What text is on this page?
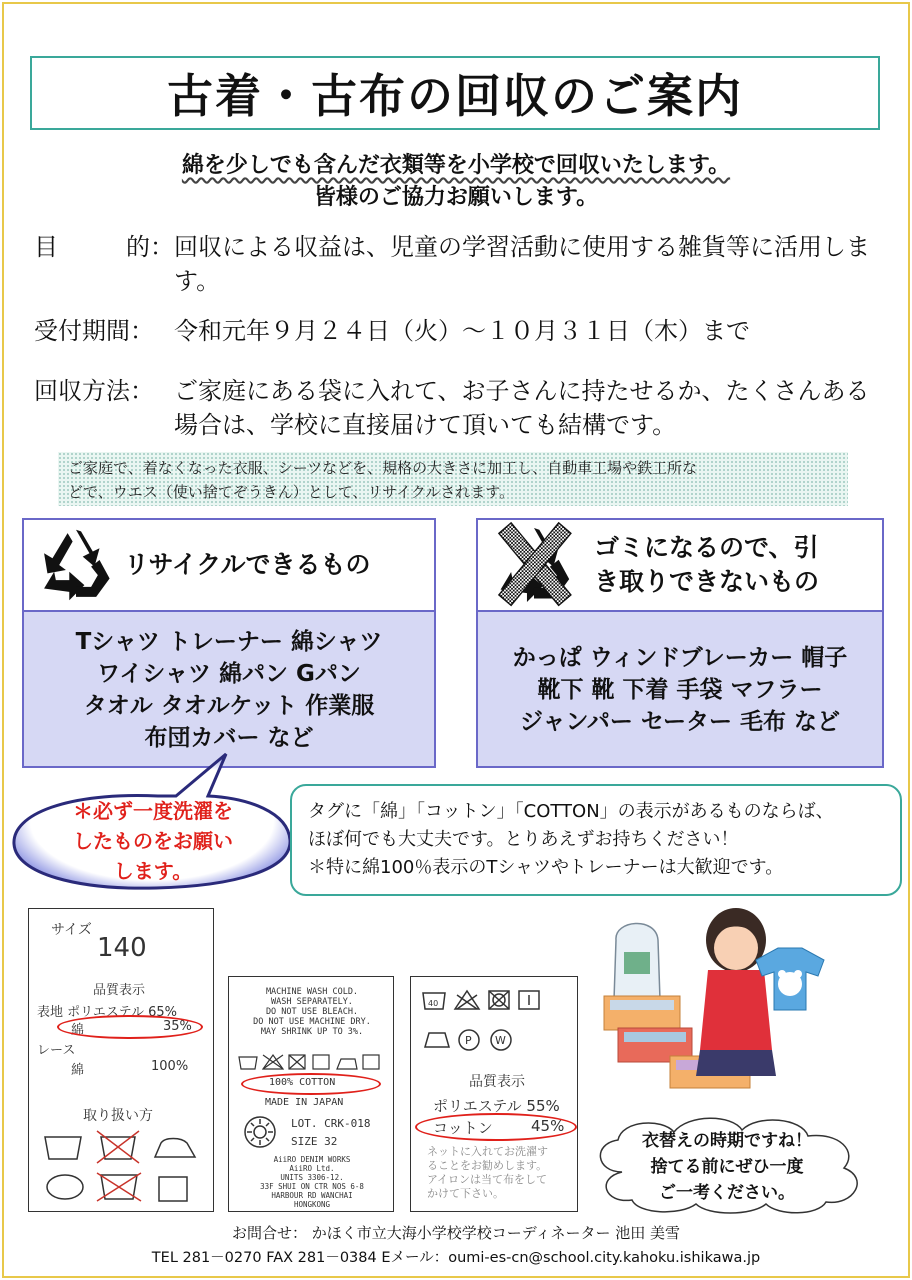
古着・古布の回収のご案内
綿を少しでも含んだ衣類等を小学校で回収いたします。
皆様のご協力お願いします。
目	的： 回収による収益は、児童の学習活動に使用する雑貨等に活用します。
受付期間： 令和元年９月２４日（火）～１０月３１日（木）まで
回収方法： ご家庭にある袋に入れて、お子さんに持たせるか、たくさんある場合は、学校に直接届けて頂いても結構です。
ご家庭で、着なくなった衣服、シーツなどを、規格の大きさに加工し、自動車工場や鉄工所な
どで、ウエス（使い捨てぞうきん）として、リサイクルされます。
リサイクルできるもの
Tシャツ トレーナー 綿シャツ
ワイシャツ 綿パン Gパン
タオル タオルケット 作業服
布団カバー など
ゴミになるので、引
き取りできないもの
かっぱ ウィンドブレーカー 帽子
靴下 靴 下着 手袋 マフラー
ジャンパー セーター 毛布 など
＊必ず一度洗濯を
したものをお願い
します。
タグに「綿」「コットン」「COTTON」の表示があるものならば、
ほぼ何でも大丈夫です。とりあえずお持ちください！
＊特に綿100％表示のTシャツやトレーナーは大歓迎です。
サイズ
140
品質表示
表地 ポリエステル 65%
綿	35%
レース
綿	100%
取り扱い方
MACHINE WASH COLD.
WASH SEPARATELY.
DO NOT USE BLEACH.
DO NOT USE MACHINE DRY.
MAY SHRINK UP TO 3%.
100% COTTON
MADE IN JAPAN
LOT. CRK-018
SIZE 32
AiiRO DENIM WORKS
AiiRO Ltd.
UNITS 3306-12.
33F SHUI ON CTR NOS 6-8
HARBOUR RD WANCHAI
HONGKONG
40
P W
品質表示
ポリエステル 55%
コットン	45%
ネットに入れてお洗濯す
ることをお勧めします。
アイロンは当て布をして
かけて下さい。
衣替えの時期ですね！
捨てる前にぜひ一度
ご一考ください。
お問合せ： かほく市立大海小学校学校コーディネーター 池田 美雪
TEL 281－0270 FAX 281－0384 Eメール：oumi-es-cn@school.city.kahoku.ishikawa.jp
